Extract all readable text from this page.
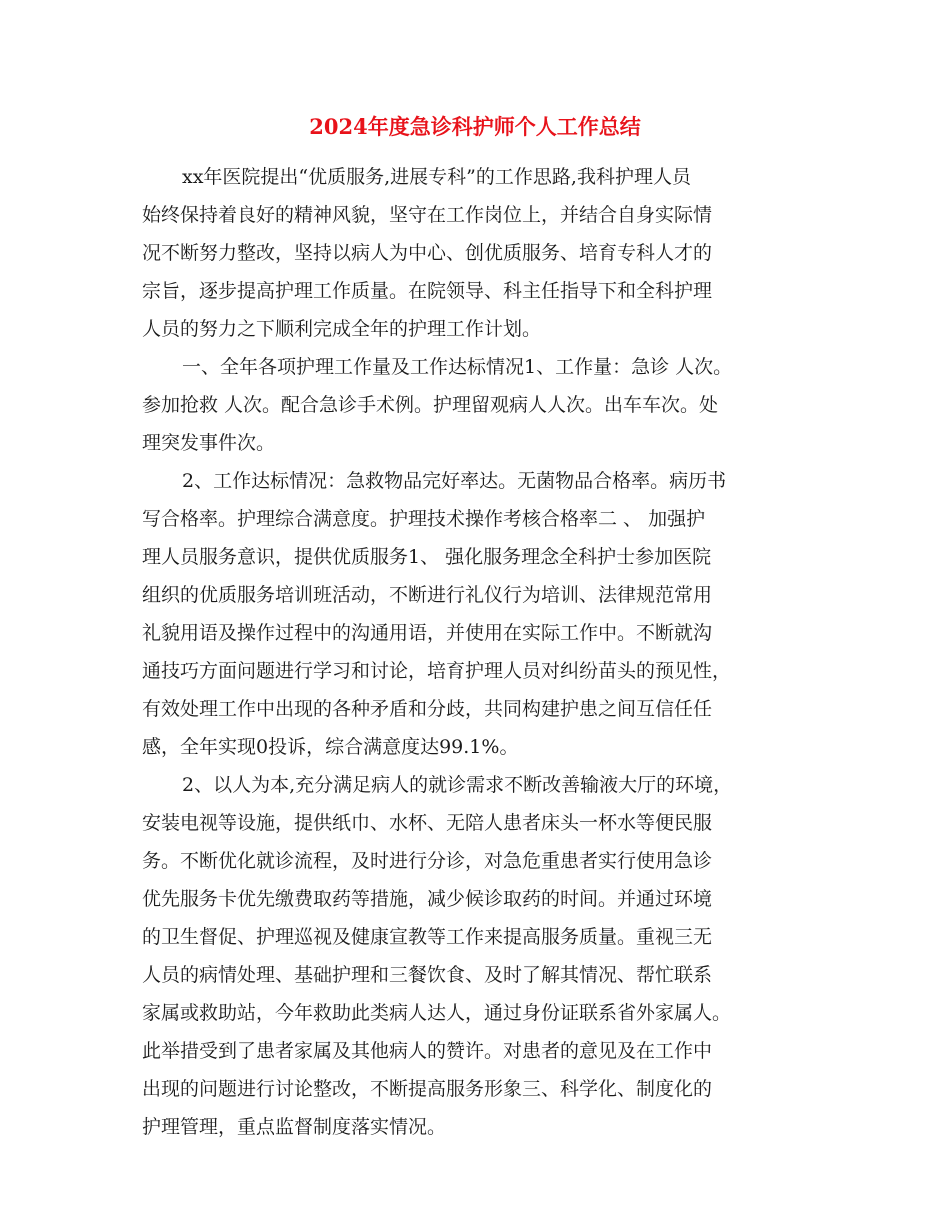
2024年度急诊科护师个人工作总结
xx年医院提出“优质服务,进展专科”的工作思路,我科护理人员
始终保持着良好的精神风貌，坚守在工作岗位上，并结合自身实际情
况不断努力整改，坚持以病人为中心、创优质服务、培育专科人才的
宗旨，逐步提高护理工作质量。在院领导、科主任指导下和全科护理
人员的努力之下顺利完成全年的护理工作计划。
一、全年各项护理工作量及工作达标情况1、工作量：急诊 人次。
参加抢救 人次。配合急诊手术例。护理留观病人人次。出车车次。处
理突发事件次。
2、工作达标情况：急救物品完好率达。无菌物品合格率。病历书
写合格率。护理综合满意度。护理技术操作考核合格率二 、 加强护
理人员服务意识，提供优质服务1、 强化服务理念全科护士参加医院
组织的优质服务培训班活动，不断进行礼仪行为培训、法律规范常用
礼貌用语及操作过程中的沟通用语，并使用在实际工作中。不断就沟
通技巧方面问题进行学习和讨论，培育护理人员对纠纷苗头的预见性，
有效处理工作中出现的各种矛盾和分歧，共同构建护患之间互信任任
感，全年实现0投诉，综合满意度达99.1%。
2、以人为本,充分满足病人的就诊需求不断改善输液大厅的环境，
安装电视等设施，提供纸巾、水杯、无陪人患者床头一杯水等便民服
务。不断优化就诊流程，及时进行分诊，对急危重患者实行使用急诊
优先服务卡优先缴费取药等措施，减少候诊取药的时间。并通过环境
的卫生督促、护理巡视及健康宣教等工作来提高服务质量。重视三无
人员的病情处理、基础护理和三餐饮食、及时了解其情况、帮忙联系
家属或救助站，今年救助此类病人达人，通过身份证联系省外家属人。
此举措受到了患者家属及其他病人的赞许。对患者的意见及在工作中
出现的问题进行讨论整改，不断提高服务形象三、科学化、制度化的
护理管理，重点监督制度落实情况。
